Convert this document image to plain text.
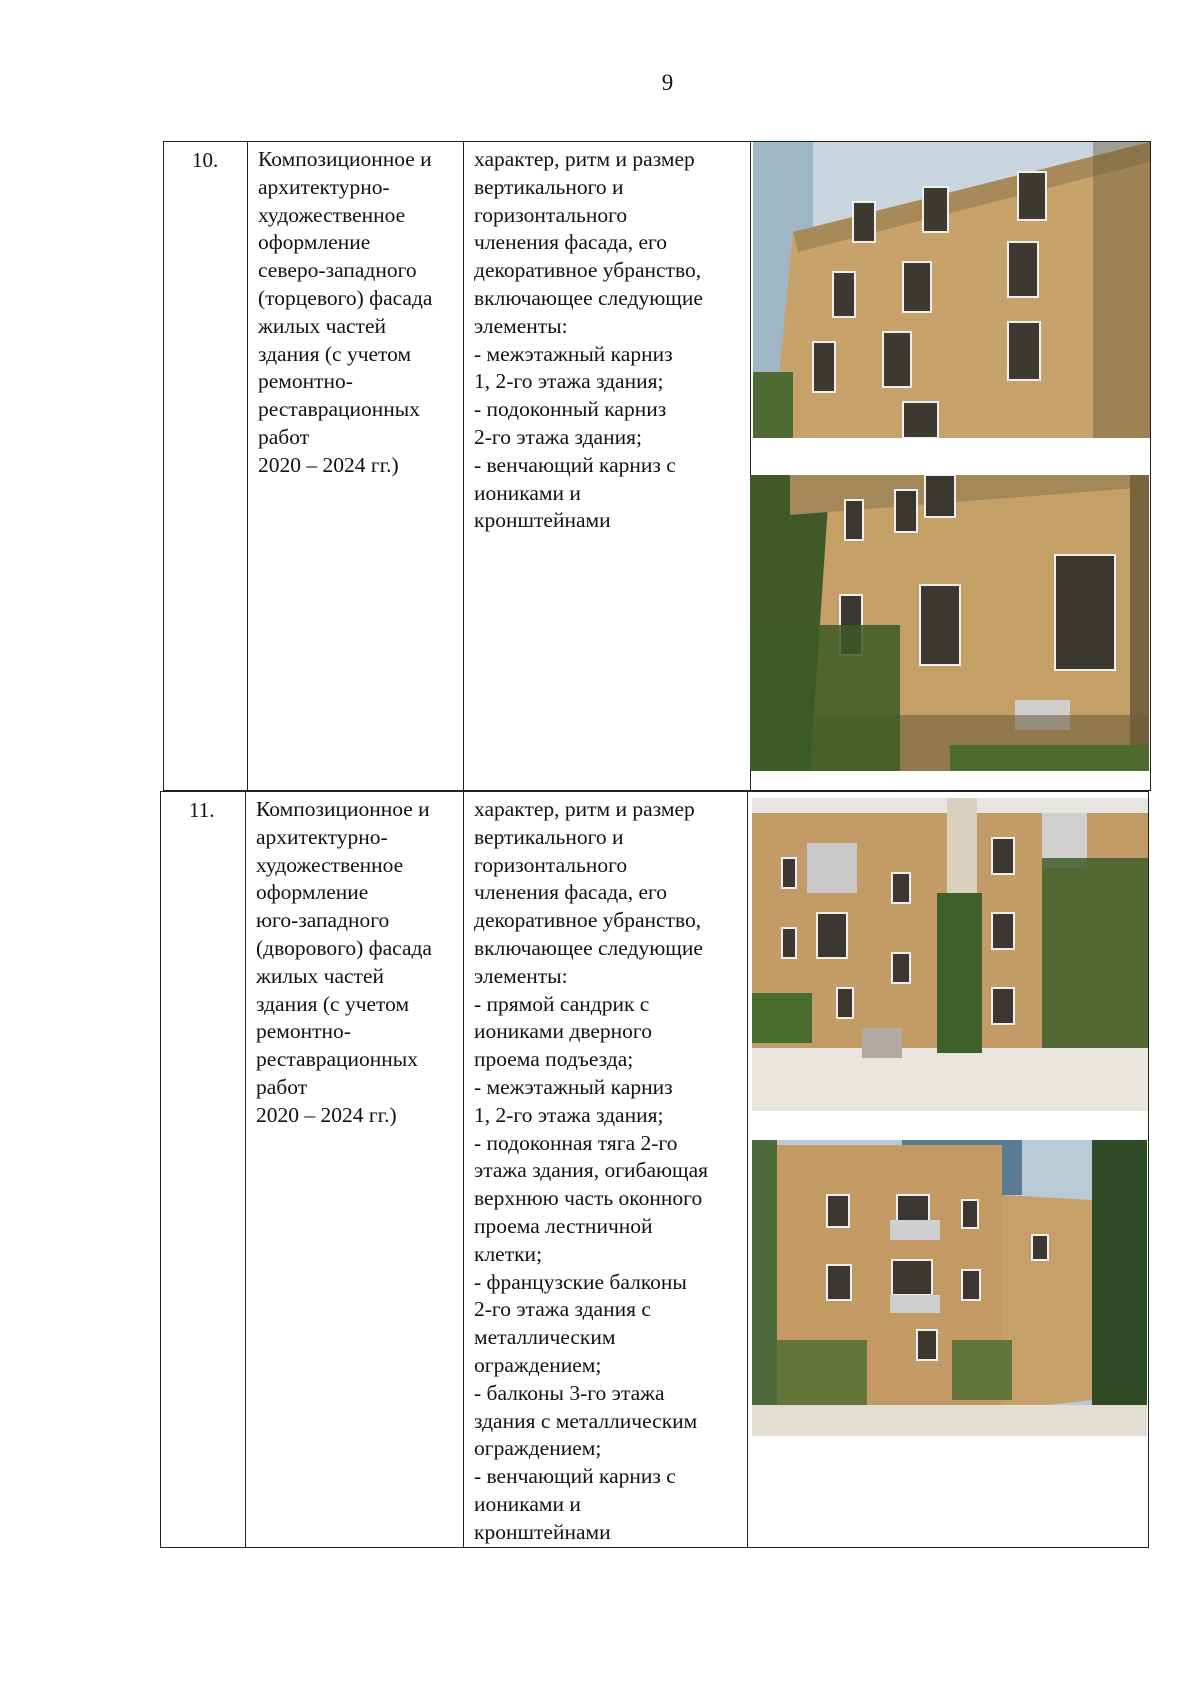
9
10.	Композиционное и
архитектурно-
художественное
оформление
северо-западного
(торцевого) фасада
жилых частей
здания (с учетом
ремонтно-
реставрационных
работ
2020 – 2024 гг.)	характер, ритм и размер
вертикального и
горизонтального
членения фасада, его
декоративное убранство,
включающее следующие
элементы:
- межэтажный карниз
1, 2-го этажа здания;
- подоконный карниз
2-го этажа здания;
- венчающий карниз с
иониками и
кронштейнами	
11.	Композиционное и
архитектурно-
художественное
оформление
юго-западного
(дворового) фасада
жилых частей
здания (с учетом
ремонтно-
реставрационных
работ
2020 – 2024 гг.)	характер, ритм и размер
вертикального и
горизонтального
членения фасада, его
декоративное убранство,
включающее следующие
элементы:
- прямой сандрик с
иониками дверного
проема подъезда;
- межэтажный карниз
1, 2-го этажа здания;
- подоконная тяга 2-го
этажа здания, огибающая
верхнюю часть оконного
проема лестничной
клетки;
- французские балконы
2-го этажа здания с
металлическим
ограждением;
- балконы 3-го этажа
здания с металлическим
ограждением;
- венчающий карниз с
иониками и
кронштейнами	
